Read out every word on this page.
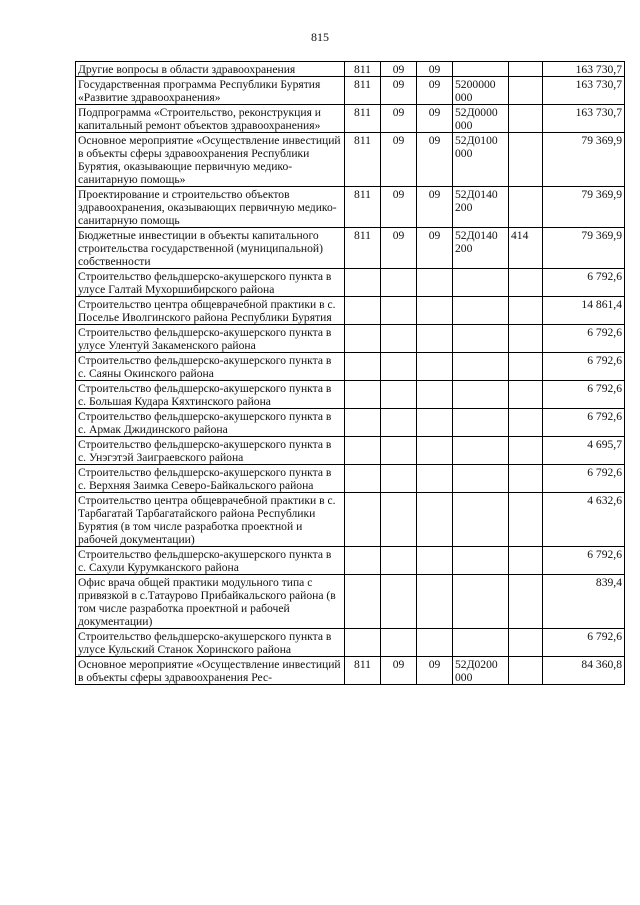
815
Другие вопросы в области здравоохранения	811	09	09			163 730,7
Государственная программа Республики Бурятия «Развитие здравоохранения»	811	09	09	5200000 000		163 730,7
Подпрограмма «Строительство, реконструкция и капитальный ремонт объектов здравоохранения»	811	09	09	52Д0000 000		163 730,7
Основное мероприятие «Осуществление инвестиций в объекты сферы здравоохранения Республики Бурятия, оказывающие первичную медико-санитарную помощь»	811	09	09	52Д0100 000		79 369,9
Проектирование и строительство объектов здравоохранения, оказывающих первичную медико-санитарную помощь	811	09	09	52Д0140 200		79 369,9
Бюджетные инвестиции в объекты капитального строительства государственной (муниципальной) собственности	811	09	09	52Д0140 200	414	79 369,9
Строительство фельдшерско-акушерского пункта в улусе Галтай Мухоршибирского района						6 792,6
Строительство центра общеврачебной практики в с. Поселье Иволгинского района Республики Бурятия						14 861,4
Строительство фельдшерско-акушерского пункта в улусе Улентуй Закаменского района						6 792,6
Строительство фельдшерско-акушерского пункта в с. Саяны Окинского района						6 792,6
Строительство фельдшерско-акушерского пункта в с. Большая Кудара Кяхтинского района						6 792,6
Строительство фельдшерско-акушерского пункта в с. Армак Джидинского района						6 792,6
Строительство фельдшерско-акушерского пункта в с. Унэгэтэй Заиграевского района						4 695,7
Строительство фельдшерско-акушерского пункта в с. Верхняя Заимка Северо-Байкальского района						6 792,6
Строительство центра общеврачебной практики в с. Тарбагатай Тарбагатайского района Республики Бурятия (в том числе разработка проектной и рабочей документации)						4 632,6
Строительство фельдшерско-акушерского пункта в с. Сахули Курумканского района						6 792,6
Офис врача общей практики модульного типа с привязкой в с.Татаурово Прибайкальского района (в том числе разработка проектной и рабочей документации)						839,4
Строительство фельдшерско-акушерского пункта в улусе Кульский Станок Хоринского района						6 792,6
Основное мероприятие «Осуществление инвестиций в объекты сферы здравоохранения Рес-	811	09	09	52Д0200 000		84 360,8
